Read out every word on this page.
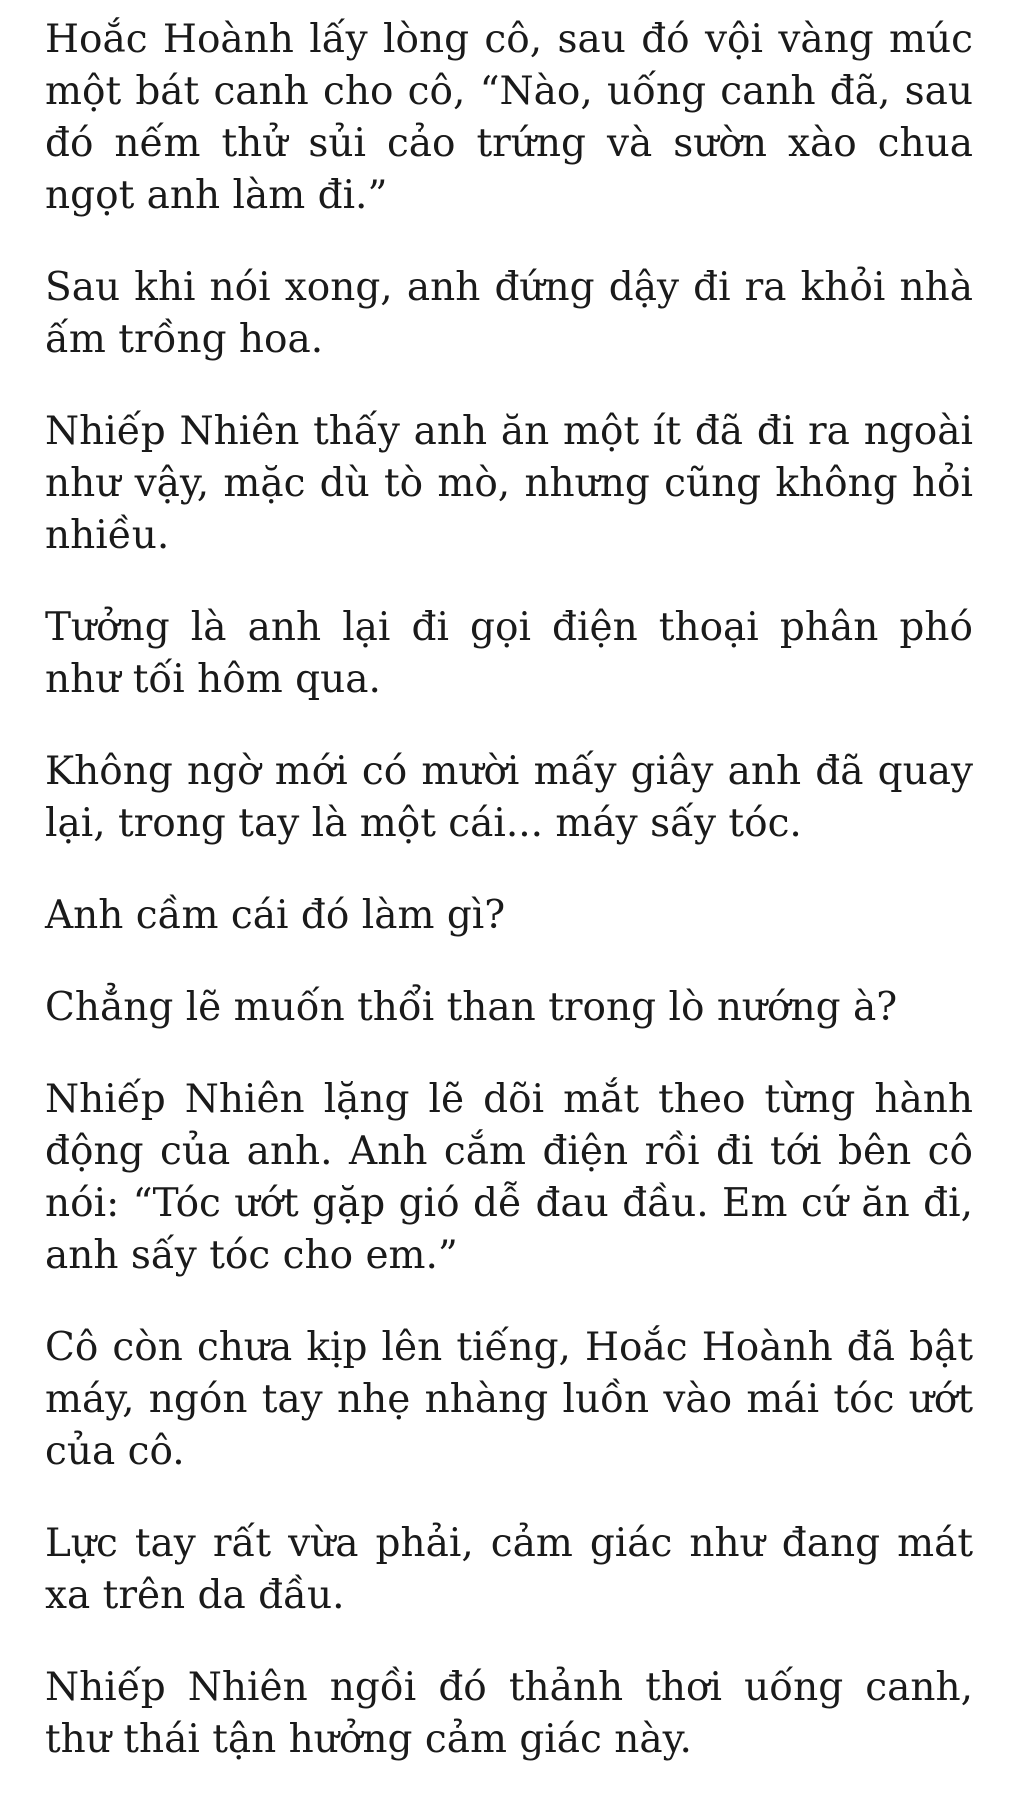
Hoắc Hoành lấy lòng cô, sau đó vội vàng múc một bát canh cho cô, “Nào, uống canh đã, sau đó nếm thử sủi cảo trứng và sườn xào chua ngọt anh làm đi.”

Sau khi nói xong, anh đứng dậy đi ra khỏi nhà ấm trồng hoa.

Nhiếp Nhiên thấy anh ăn một ít đã đi ra ngoài như vậy, mặc dù tò mò, nhưng cũng không hỏi nhiều.

Tưởng là anh lại đi gọi điện thoại phân phó như tối hôm qua.

Không ngờ mới có mười mấy giây anh đã quay lại, trong tay là một cái... máy sấy tóc.

Anh cầm cái đó làm gì?

Chẳng lẽ muốn thổi than trong lò nướng à?

Nhiếp Nhiên lặng lẽ dõi mắt theo từng hành động của anh. Anh cắm điện rồi đi tới bên cô nói: “Tóc ướt gặp gió dễ đau đầu. Em cứ ăn đi, anh sấy tóc cho em.”

Cô còn chưa kịp lên tiếng, Hoắc Hoành đã bật máy, ngón tay nhẹ nhàng luồn vào mái tóc ướt của cô.

Lực tay rất vừa phải, cảm giác như đang mát xa trên da đầu.

Nhiếp Nhiên ngồi đó thảnh thơi uống canh, thư thái tận hưởng cảm giác này.
